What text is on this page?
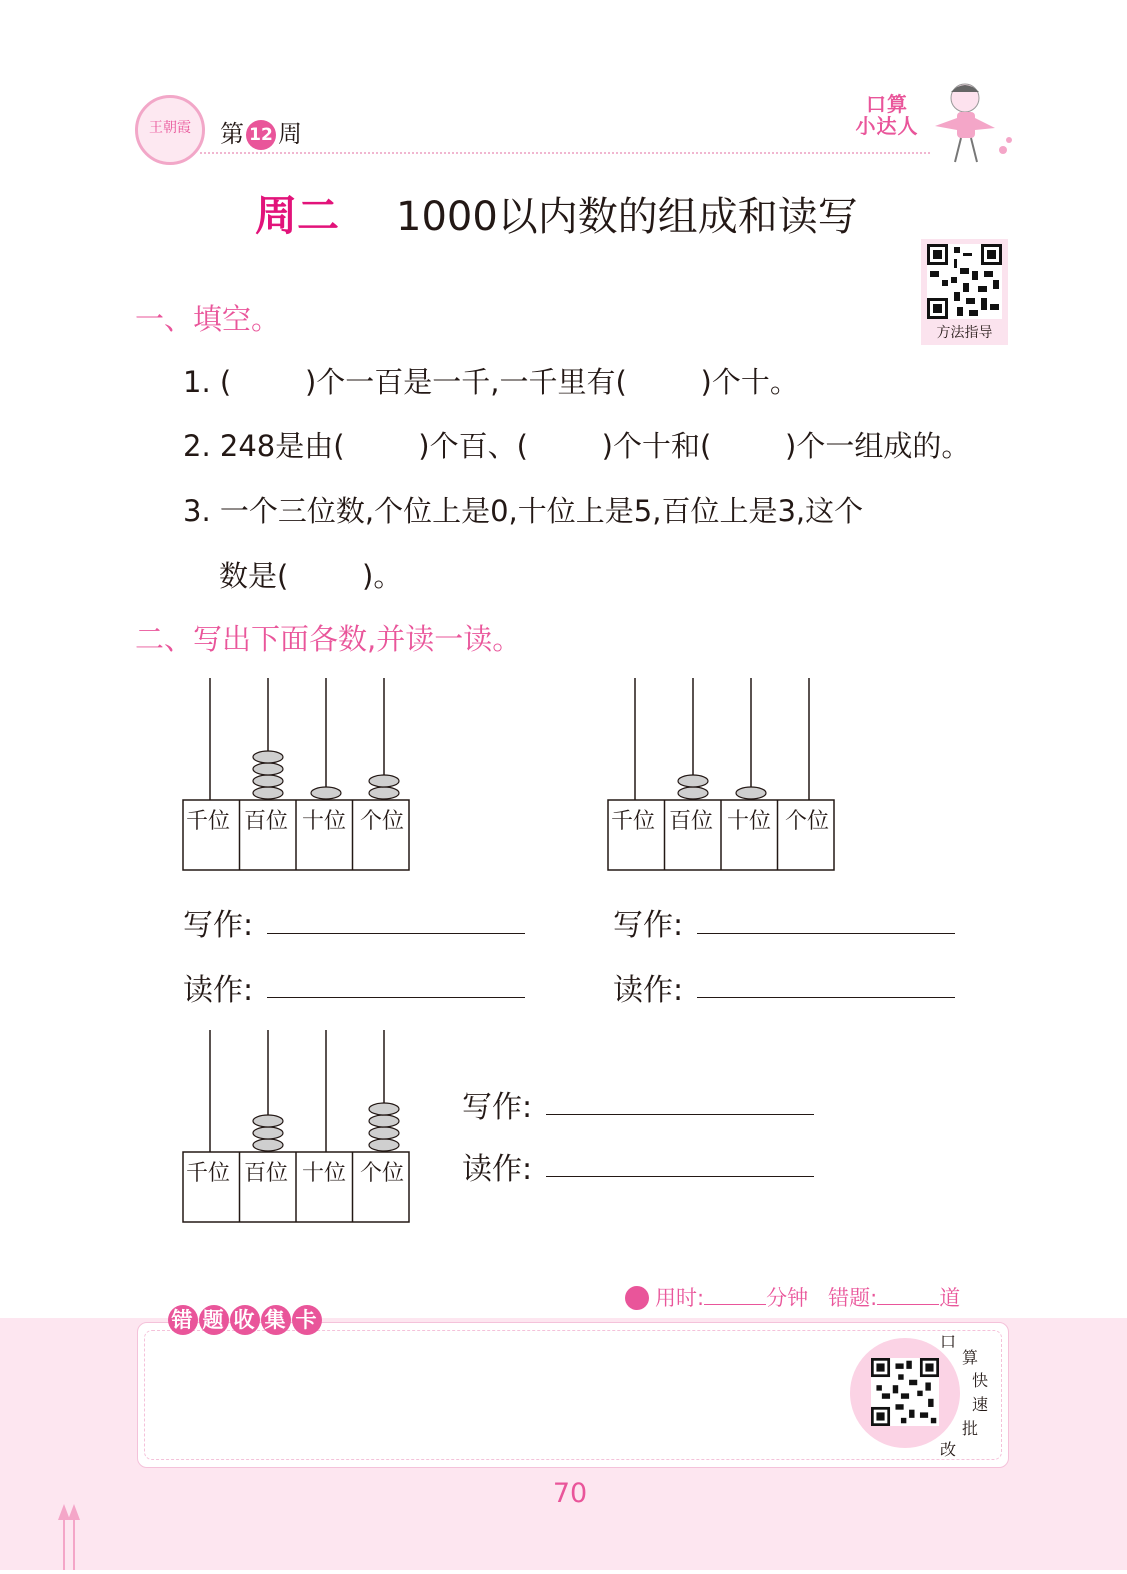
王朝霞	第 12 周
口算
小达人
周二 1000以内数的组成和读写
方法指导
一、填空。
1. (        )个一百是一千,一千里有(        )个十。
2. 248是由(        )个百、(        )个十和(        )个一组成的。
3. 一个三位数,个位上是0,十位上是5,百位上是3,这个
数是(        )。
二、写出下面各数,并读一读。
千位 百位 十位 个位	千位 百位 十位 个位
写作:
读作:
写作:
读作:
千位 百位 十位 个位
写作:
读作:
用时:	分钟 错题:	道
错 题 收 集 卡
口
算
快
速
批
改
70
